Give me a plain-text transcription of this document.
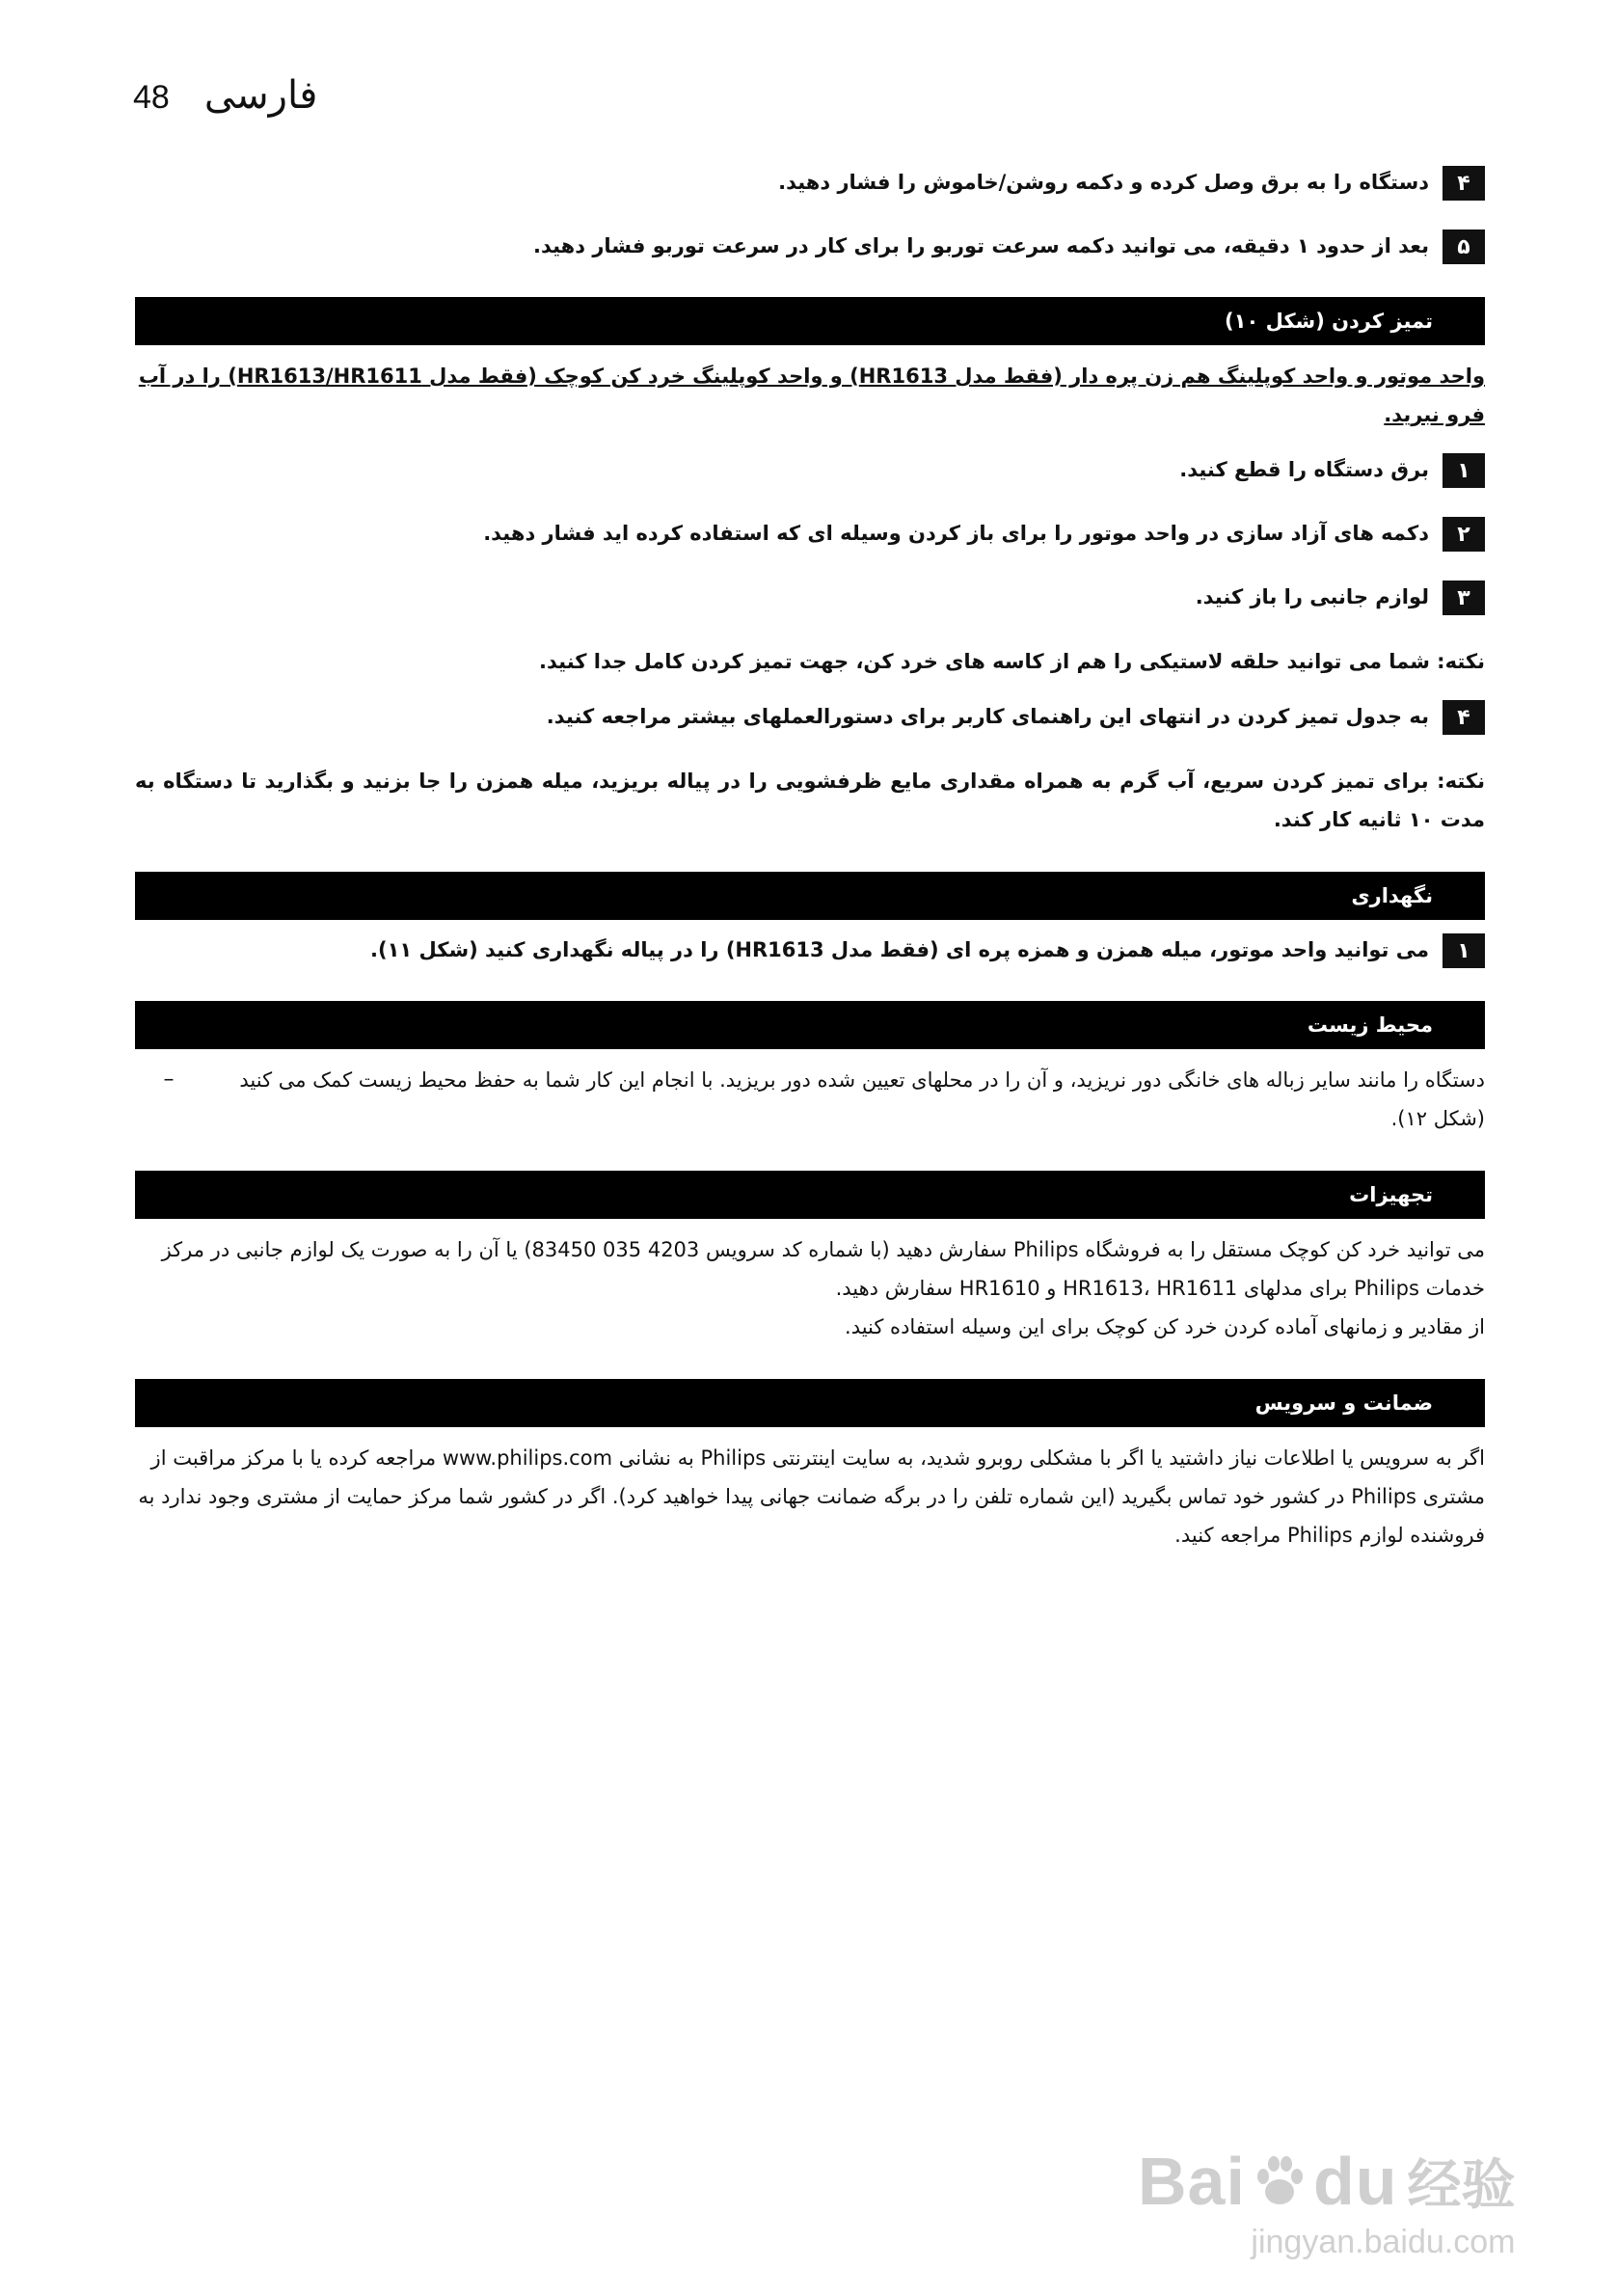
48 فارسی
۴
دستگاه را به برق وصل کرده و دکمه روشن/خاموش را فشار دهید.
۵
بعد از حدود ۱ دقیقه، می توانید دکمه سرعت توربو را برای کار در سرعت توربو فشار دهید.
تمیز کردن (شکل ۱۰)
واحد موتور و واحد کوپلینگ هم زن پره دار (فقط مدل HR1613) و واحد کوپلینگ خرد کن کوچک (فقط مدل HR1613/HR1611) را در آب فرو نبرید.
۱
برق دستگاه را قطع کنید.
۲
دکمه های آزاد سازی در واحد موتور را برای باز کردن وسیله ای که استفاده کرده اید فشار دهید.
۳
لوازم جانبی را باز کنید.
نکته: شما می توانید حلقه لاستیکی را هم از کاسه های خرد کن، جهت تمیز کردن کامل جدا کنید.
۴
به جدول تمیز کردن در انتهای این راهنمای کاربر برای دستورالعملهای بیشتر مراجعه کنید.
نکته: برای تمیز کردن سریع، آب گرم به همراه مقداری مایع ظرفشویی را در پیاله بریزید، میله همزن را جا بزنید و بگذارید تا دستگاه به مدت ۱۰ ثانیه کار کند.
نگهداری
۱
می توانید واحد موتور، میله همزن و همزه پره ای (فقط مدل HR1613) را در پیاله نگهداری کنید (شکل ۱۱).
محیط زیست
دستگاه را مانند سایر زباله های خانگی دور نریزید، و آن را در محلهای تعیین شده دور بریزید. با انجام این کار شما به حفظ محیط زیست کمک می کنید (شکل ۱۲).
–
تجهیزات
می توانید خرد کن کوچک مستقل را به فروشگاه Philips سفارش دهید (با شماره کد سرویس 4203 035 83450) یا آن را به صورت یک لوازم جانبی در مرکز خدمات Philips برای مدلهای HR1613، HR1611 و HR1610 سفارش دهید.
از مقادیر و زمانهای آماده کردن خرد کن کوچک برای این وسیله استفاده کنید.
ضمانت و سرویس
اگر به سرویس یا اطلاعات نیاز داشتید یا اگر با مشکلی روبرو شدید، به سایت اینترنتی Philips به نشانی www.philips.com مراجعه کرده یا با مرکز مراقبت از مشتری Philips در کشور خود تماس بگیرید (این شماره تلفن را در برگه ضمانت جهانی پیدا خواهید کرد). اگر در کشور شما مرکز حمایت از مشتری وجود ندارد به فروشنده لوازم Philips مراجعه کنید.
Bai du 经验
jingyan.baidu.com
